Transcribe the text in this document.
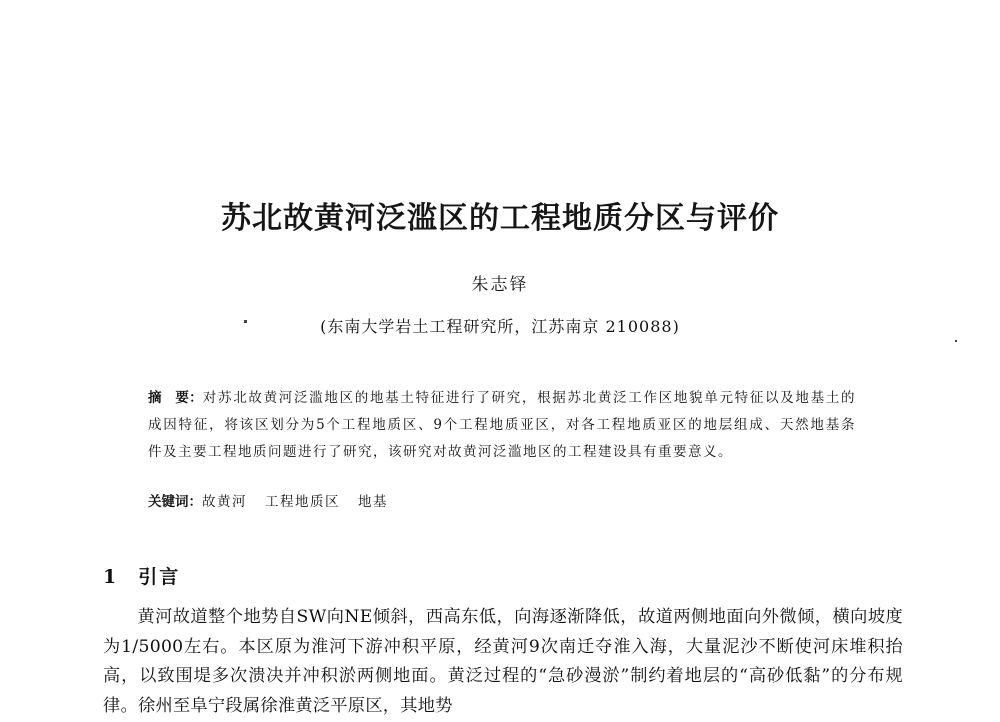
苏北故黄河泛滥区的工程地质分区与评价
朱志铎
(东南大学岩土工程研究所，江苏南京 210088)
摘　要：对苏北故黄河泛滥地区的地基土特征进行了研究，根据苏北黄泛工作区地貌单元特征以及地基土的成因特征，将该区划分为5个工程地质区、9个工程地质亚区，对各工程地质亚区的地层组成、天然地基条件及主要工程地质问题进行了研究，该研究对故黄河泛滥地区的工程建设具有重要意义。
关键词：故黄河 工程地质区 地基
1 引言
黄河故道整个地势自SW向NE倾斜，西高东低，向海逐渐降低，故道两侧地面向外微倾，横向坡度为1/5000左右。本区原为淮河下游冲积平原，经黄河9次南迁夺淮入海，大量泥沙不断使河床堆积抬高，以致围堤多次溃决并冲积淤两侧地面。黄泛过程的“急砂漫淤”制约着地层的“高砂低黏”的分布规律。徐州至阜宁段属徐淮黄泛平原区，其地势
